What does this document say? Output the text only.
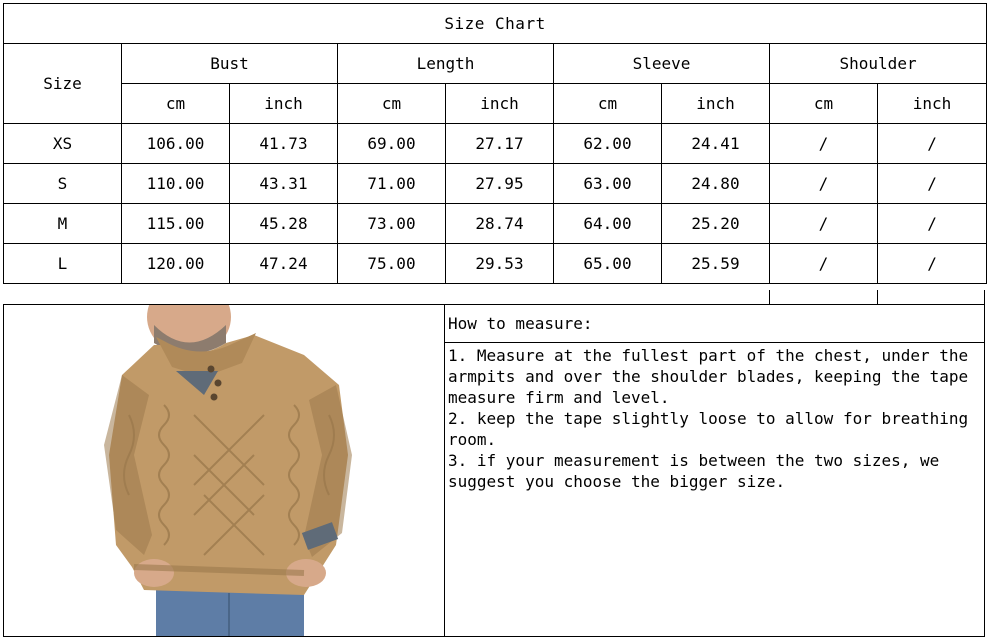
Size Chart								
Size	Bust		Length		Sleeve		Shoulder	
	cm	inch	cm	inch	cm	inch	cm	inch
XS	106.00	41.73	69.00	27.17	62.00	24.41	/	/
S	110.00	43.31	71.00	27.95	63.00	24.80	/	/
M	115.00	45.28	73.00	28.74	64.00	25.20	/	/
L	120.00	47.24	75.00	29.53	65.00	25.59	/	/
How to measure:

1. Measure at the fullest part of the chest, under the armpits and over the shoulder blades, keeping the tape measure firm and level.

2. keep the tape slightly loose to allow for breathing room.

3. if your measurement is between the two sizes, we suggest you choose the bigger size.
